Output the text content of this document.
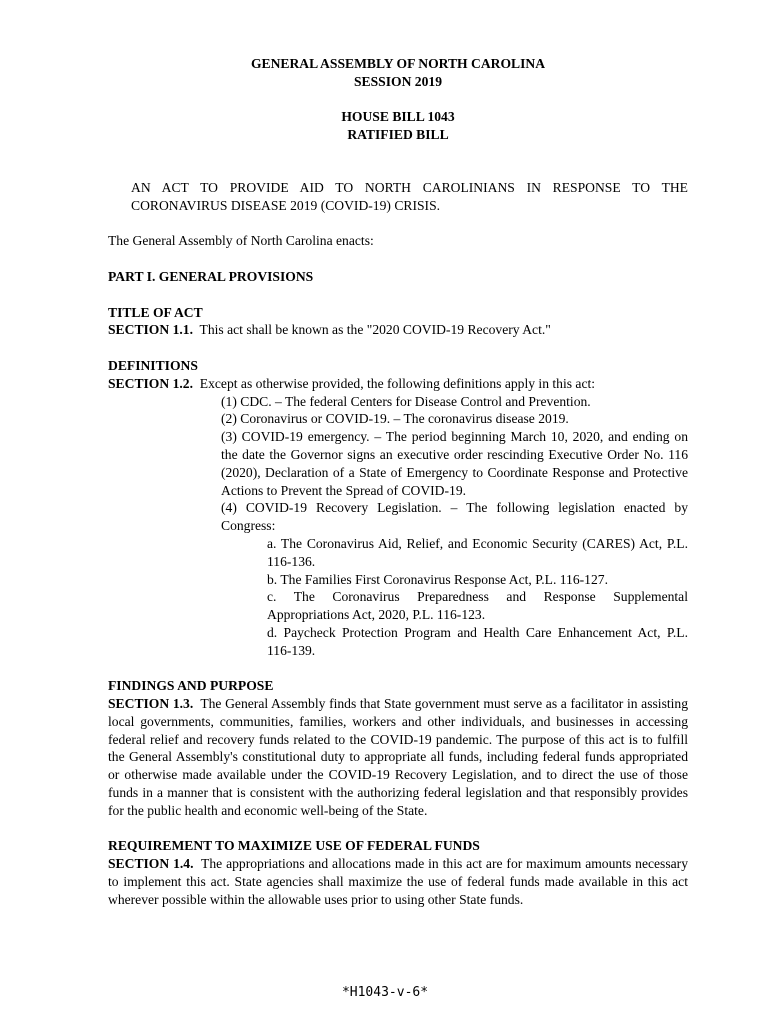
GENERAL ASSEMBLY OF NORTH CAROLINA
SESSION 2019
HOUSE BILL 1043
RATIFIED BILL

AN ACT TO PROVIDE AID TO NORTH CAROLINIANS IN RESPONSE TO THE CORONAVIRUS DISEASE 2019 (COVID-19) CRISIS.

The General Assembly of North Carolina enacts:

PART I. GENERAL PROVISIONS

TITLE OF ACT

SECTION 1.1. This act shall be known as the "2020 COVID-19 Recovery Act."

DEFINITIONS

SECTION 1.2. Except as otherwise provided, the following definitions apply in this act:

(1) CDC. – The federal Centers for Disease Control and Prevention.

(2) Coronavirus or COVID-19. – The coronavirus disease 2019.

(3) COVID-19 emergency. – The period beginning March 10, 2020, and ending on the date the Governor signs an executive order rescinding Executive Order No. 116 (2020), Declaration of a State of Emergency to Coordinate Response and Protective Actions to Prevent the Spread of COVID-19.

(4) COVID-19 Recovery Legislation. – The following legislation enacted by Congress:

a. The Coronavirus Aid, Relief, and Economic Security (CARES) Act, P.L. 116-136.

b. The Families First Coronavirus Response Act, P.L. 116-127.

c. The Coronavirus Preparedness and Response Supplemental Appropriations Act, 2020, P.L. 116-123.

d. Paycheck Protection Program and Health Care Enhancement Act, P.L. 116-139.

FINDINGS AND PURPOSE

SECTION 1.3. The General Assembly finds that State government must serve as a facilitator in assisting local governments, communities, families, workers and other individuals, and businesses in accessing federal relief and recovery funds related to the COVID-19 pandemic. The purpose of this act is to fulfill the General Assembly's constitutional duty to appropriate all funds, including federal funds appropriated or otherwise made available under the COVID-19 Recovery Legislation, and to direct the use of those funds in a manner that is consistent with the authorizing federal legislation and that responsibly provides for the public health and economic well-being of the State.

REQUIREMENT TO MAXIMIZE USE OF FEDERAL FUNDS

SECTION 1.4. The appropriations and allocations made in this act are for maximum amounts necessary to implement this act. State agencies shall maximize the use of federal funds made available in this act wherever possible within the allowable uses prior to using other State funds.

*H1043-v-6*
